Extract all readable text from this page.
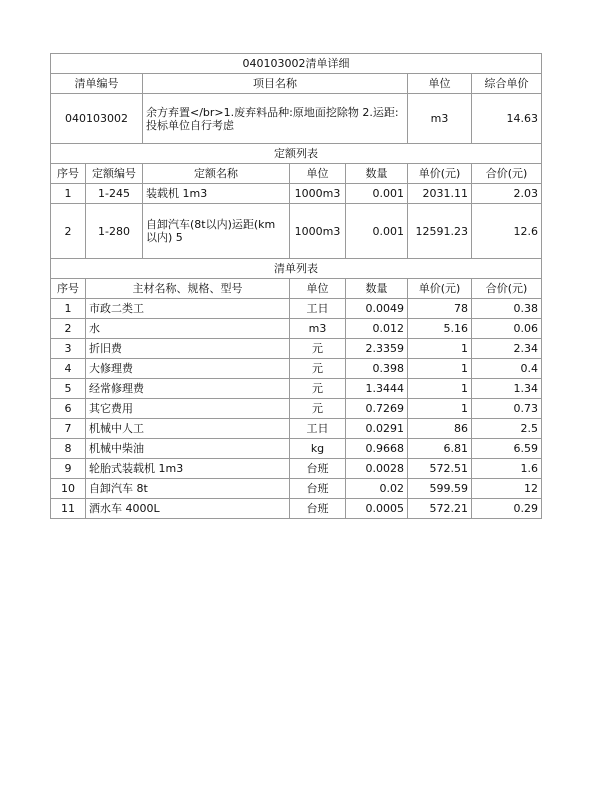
040103002清单详细						
清单编号		项目名称			单位	综合单价
040103002		余方弃置</br>1.废弃料品种:原地面挖除物 2.运距:投标单位自行考虑			m3	14.63
定额列表						
序号	定额编号	定额名称	单位	数量	单价(元)	合价(元)
1	1-245	装载机 1m3	1000m3	0.001	2031.11	2.03
2	1-280	自卸汽车(8t以内)运距(km以内) 5	1000m3	0.001	12591.23	12.6
清单列表						
序号	主材名称、规格、型号		单位	数量	单价(元)	合价(元)
1	市政二类工		工日	0.0049	78	0.38
2	水		m3	0.012	5.16	0.06
3	折旧费		元	2.3359	1	2.34
4	大修理费		元	0.398	1	0.4
5	经常修理费		元	1.3444	1	1.34
6	其它费用		元	0.7269	1	0.73
7	机械中人工		工日	0.0291	86	2.5
8	机械中柴油		kg	0.9668	6.81	6.59
9	轮胎式装载机 1m3		台班	0.0028	572.51	1.6
10	自卸汽车 8t		台班	0.02	599.59	12
11	洒水车 4000L		台班	0.0005	572.21	0.29
